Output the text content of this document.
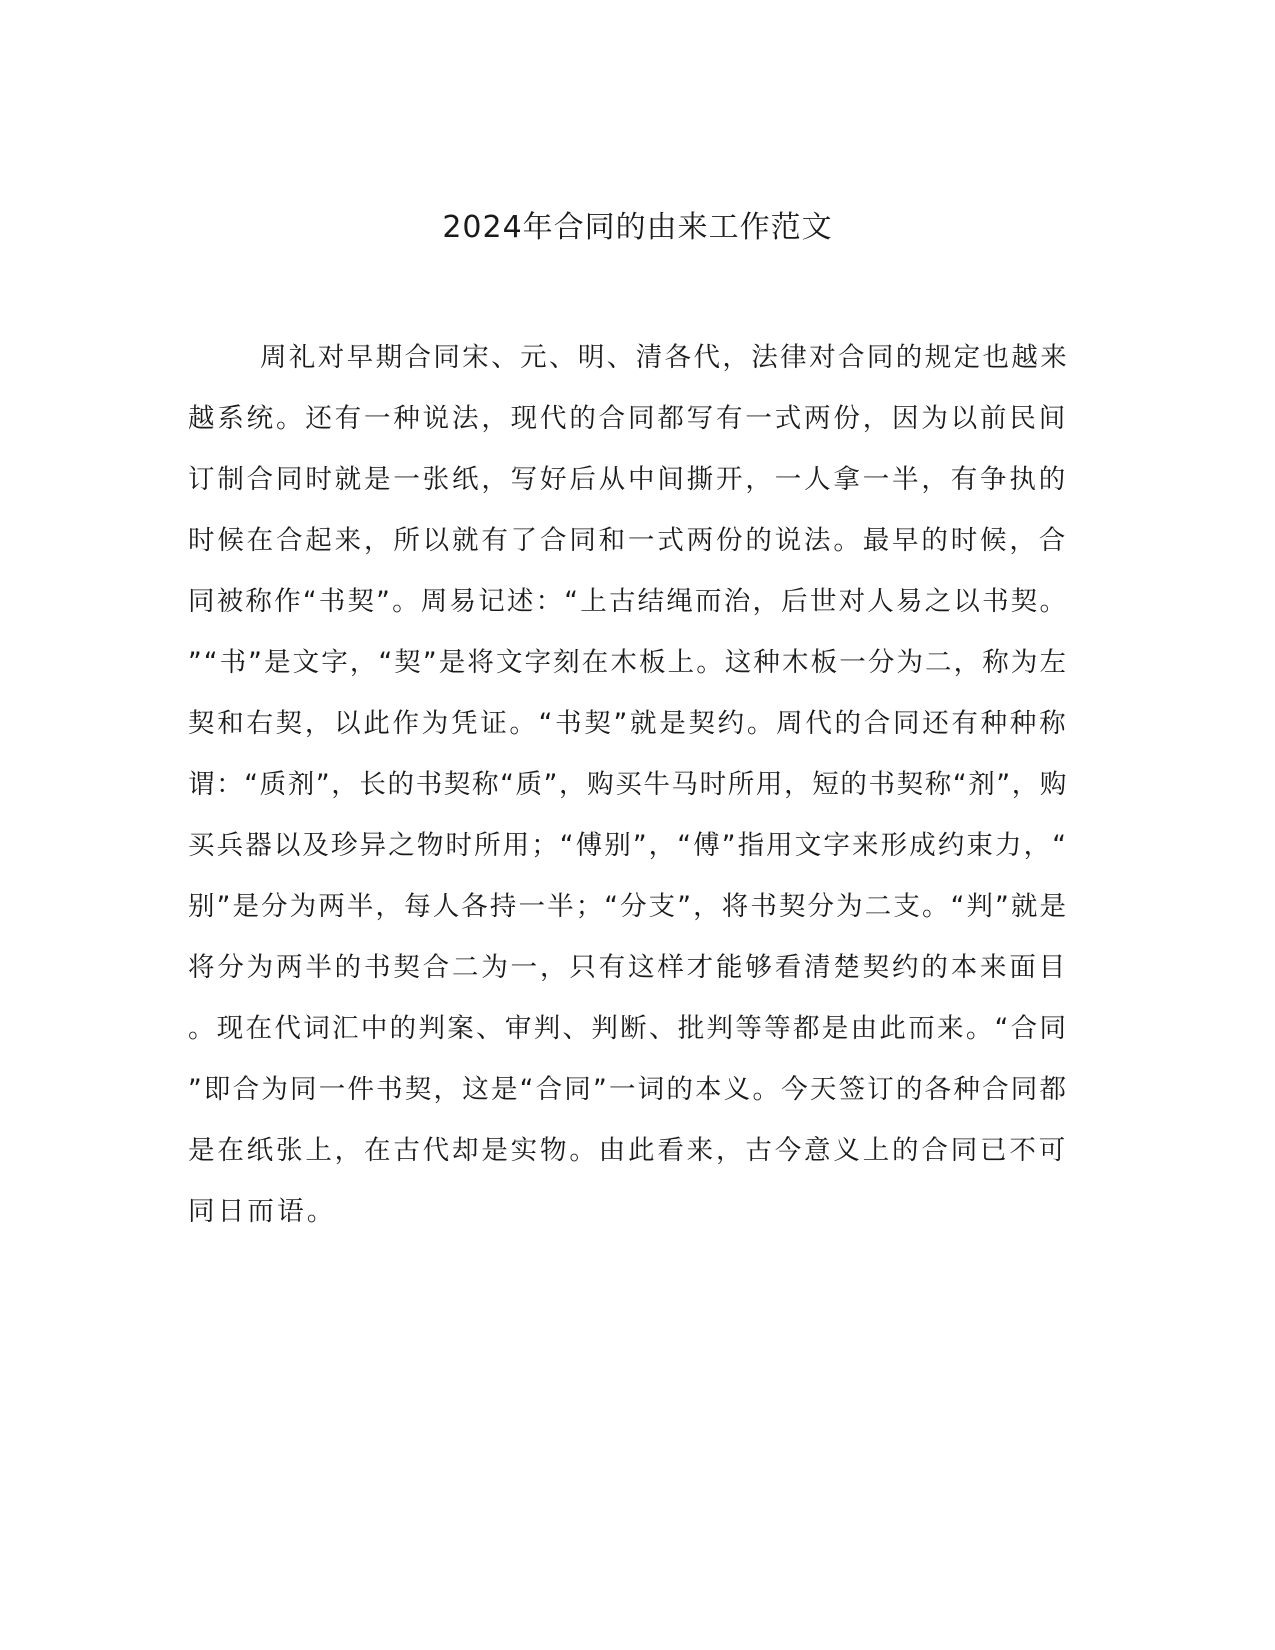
2024年合同的由来工作范文
周礼对早期合同宋、元、明、清各代，法律对合同的规定也越来
越系统。还有一种说法，现代的合同都写有一式两份，因为以前民间
订制合同时就是一张纸，写好后从中间撕开，一人拿一半，有争执的
时候在合起来，所以就有了合同和一式两份的说法。最早的时候，合
同被称作“书契”。周易记述：“上古结绳而治，后世对人易之以书契。
”“书”是文字，“契”是将文字刻在木板上。这种木板一分为二，称为左
契和右契，以此作为凭证。“书契”就是契约。周代的合同还有种种称
谓：“质剂”，长的书契称“质”，购买牛马时所用，短的书契称“剂”，购
买兵器以及珍异之物时所用；“傅别”，“傅”指用文字来形成约束力，“
别”是分为两半，每人各持一半；“分支”，将书契分为二支。“判”就是
将分为两半的书契合二为一，只有这样才能够看清楚契约的本来面目
。现在代词汇中的判案、审判、判断、批判等等都是由此而来。“合同
”即合为同一件书契，这是“合同”一词的本义。今天签订的各种合同都
是在纸张上，在古代却是实物。由此看来，古今意义上的合同已不可
同日而语。
